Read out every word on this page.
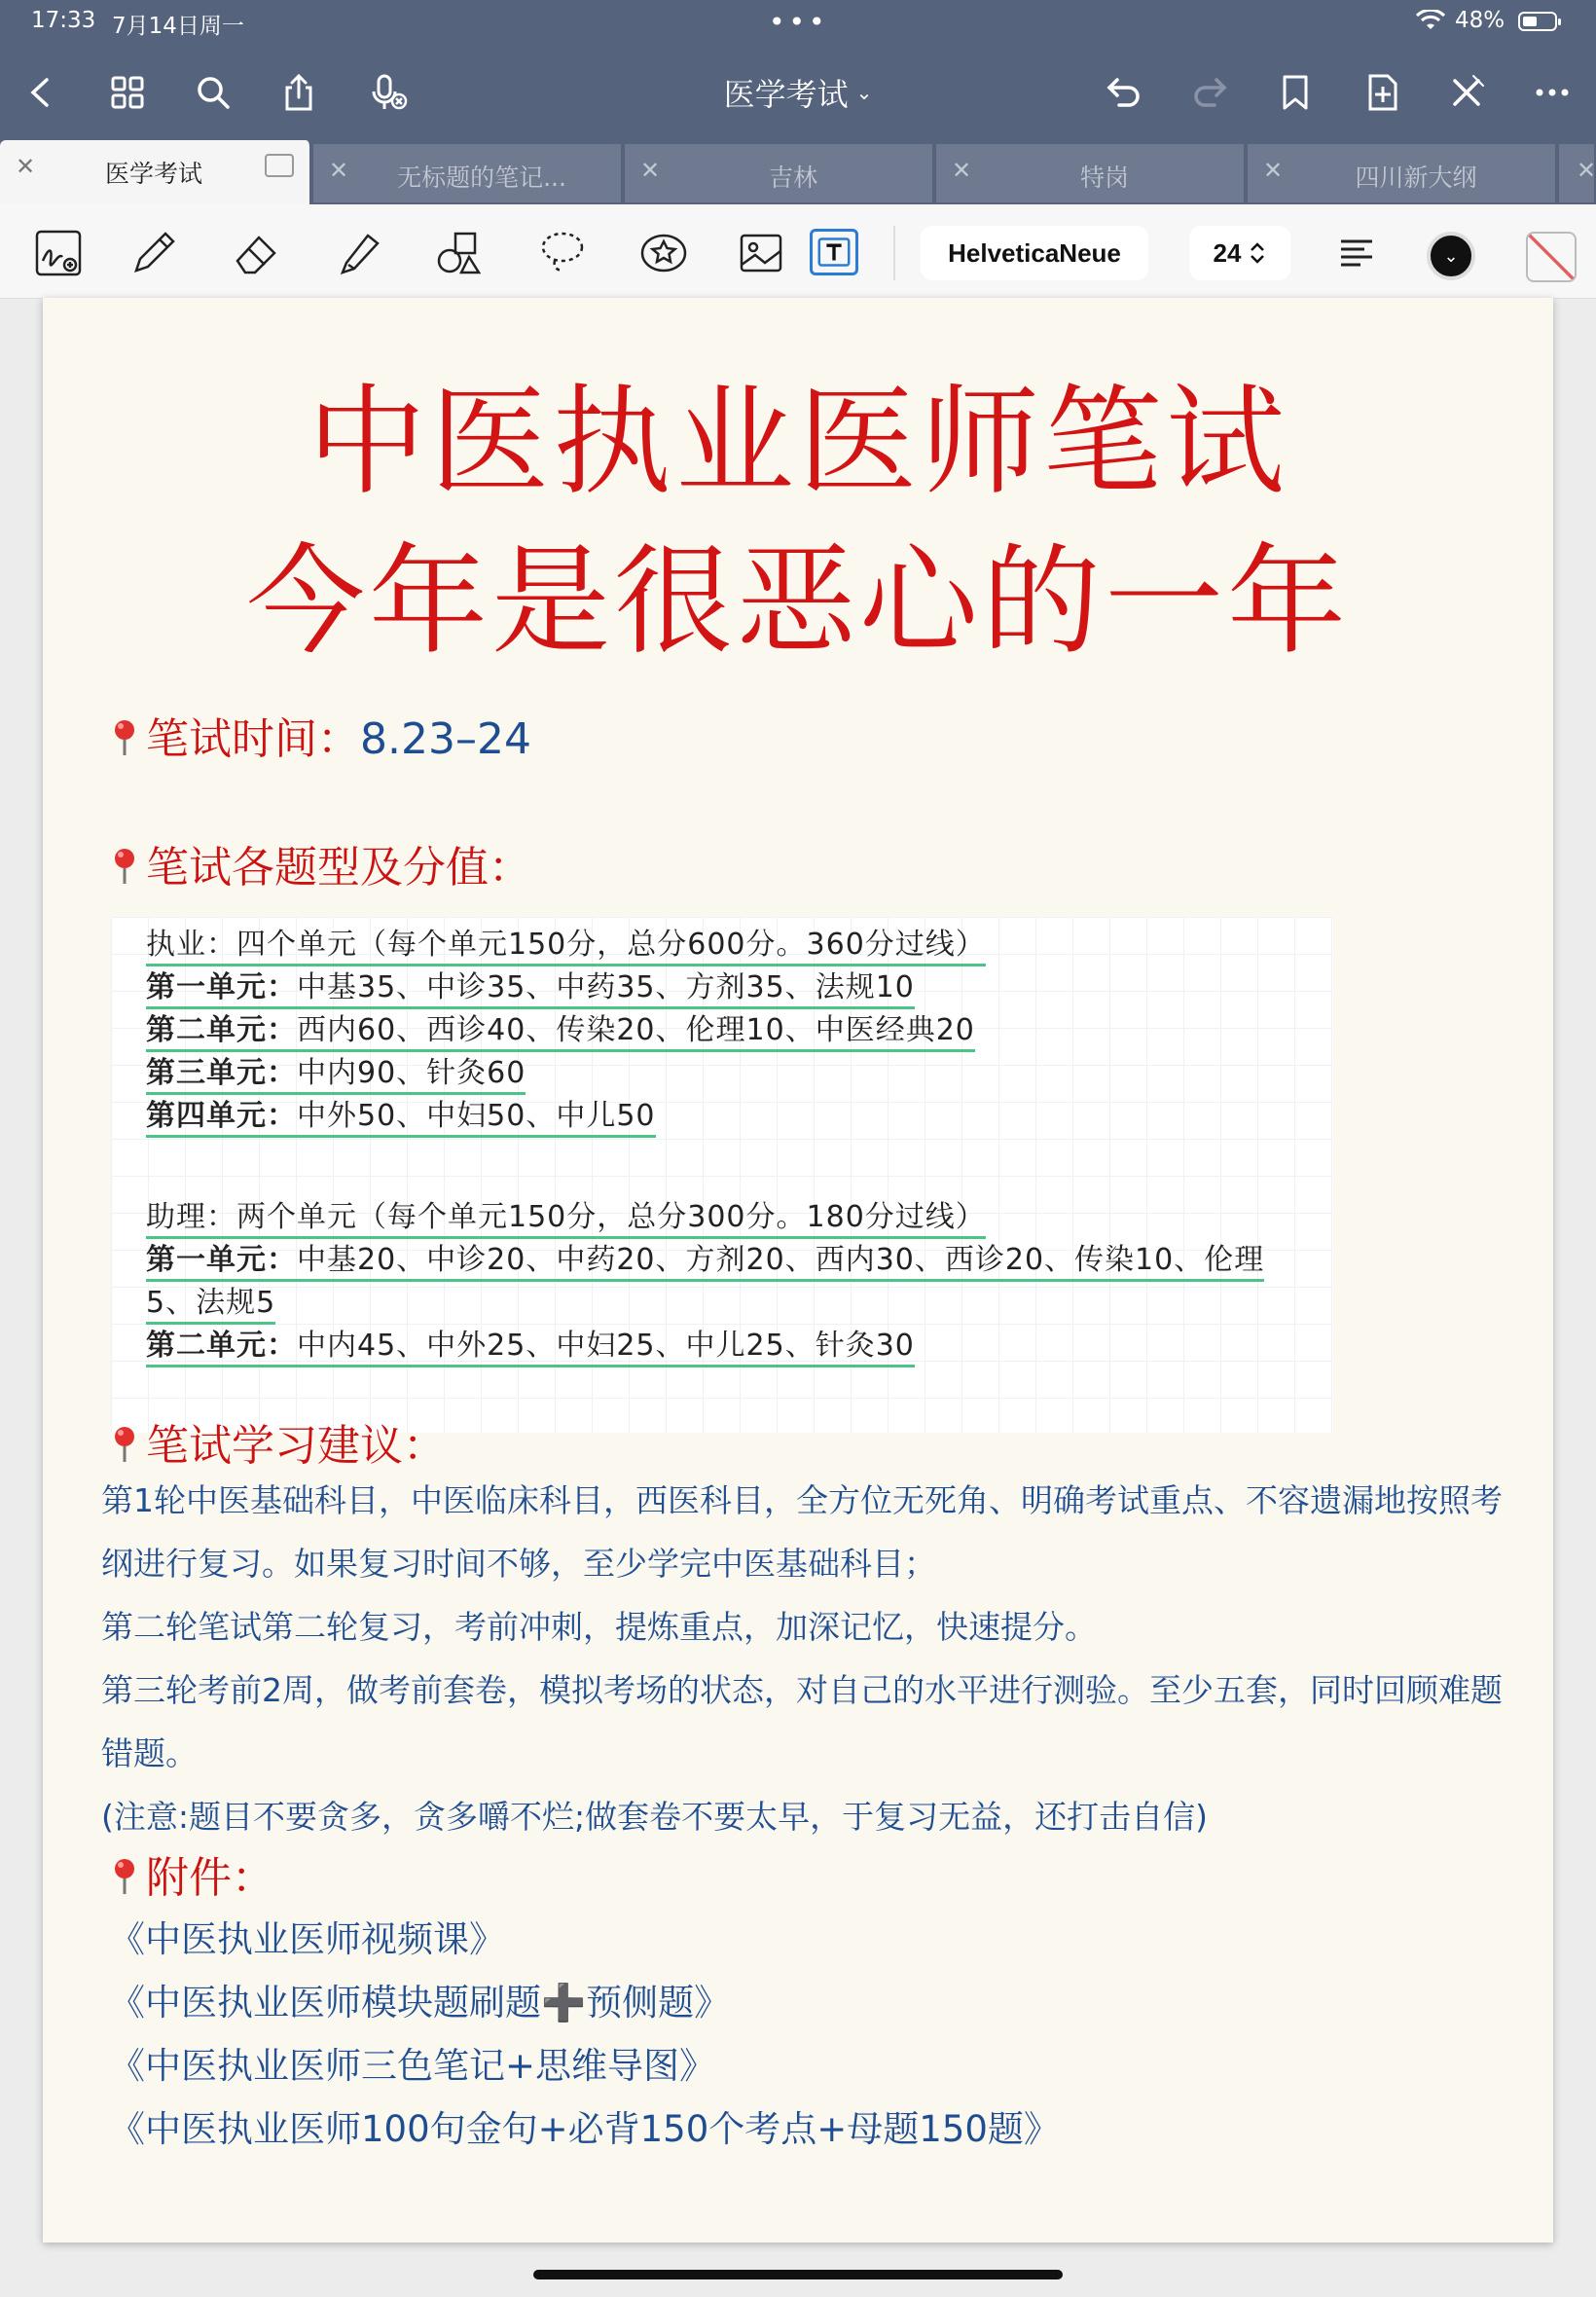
17:33 7月14日周一	•••	48%
医学考试 ⌄
✕	医学考试	✕	无标题的笔记...	✕	吉林	✕	特岗	✕	四川新大纲	✕
HelveticaNeue	24	⌄
中医执业医师笔试
今年是很恶心的一年
笔试时间：8.23–24
笔试各题型及分值：
执业：四个单元（每个单元150分，总分600分。360分过线）
第一单元：中基35、中诊35、中药35、方剂35、法规10
第二单元：西内60、西诊40、传染20、伦理10、中医经典20
第三单元：中内90、针灸60
第四单元：中外50、中妇50、中儿50
助理：两个单元（每个单元150分，总分300分。180分过线）
第一单元：中基20、中诊20、中药20、方剂20、西内30、西诊20、传染10、伦理
5、法规5
第二单元：中内45、中外25、中妇25、中儿25、针灸30
笔试学习建议：
第1轮中医基础科目，中医临床科目，西医科目，全方位无死角、明确考试重点、不容遗漏地按照考
纲进行复习。如果复习时间不够，至少学完中医基础科目；
第二轮笔试第二轮复习，考前冲刺，提炼重点，加深记忆，快速提分。
第三轮考前2周，做考前套卷，模拟考场的状态，对自己的水平进行测验。至少五套，同时回顾难题
错题。
(注意:题目不要贪多，贪多嚼不烂;做套卷不要太早，于复习无益，还打击自信)
附件：
《中医执业医师视频课》
《中医执业医师模块题刷题➕预侧题》
《中医执业医师三色笔记+思维导图》
《中医执业医师100句金句+必背150个考点+母题150题》
